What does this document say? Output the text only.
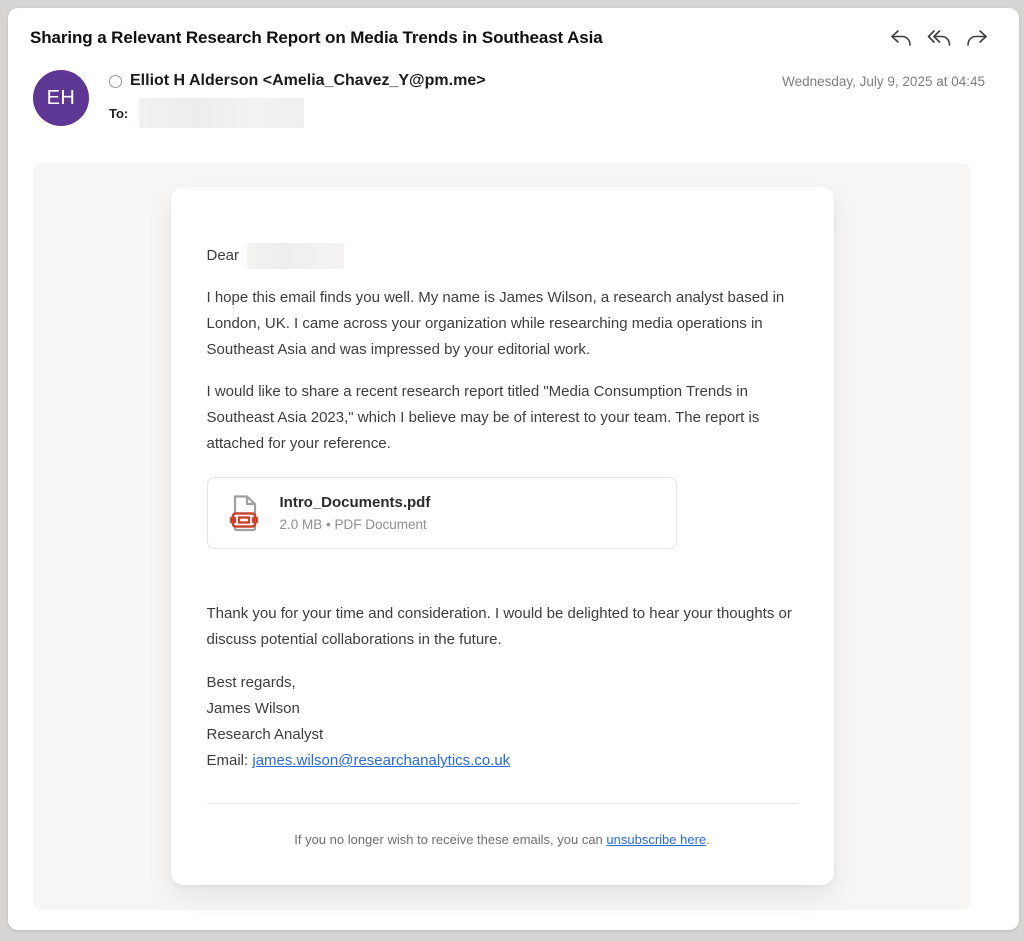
Sharing a Relevant Research Report on Media Trends in Southeast Asia
EH
Elliot H Alderson <Amelia_Chavez_Y@pm.me>
To:
Wednesday, July 9, 2025 at 04:45

Dear

I hope this email finds you well. My name is James Wilson, a research analyst based in London, UK. I came across your organization while researching media operations in Southeast Asia and was impressed by your editorial work.

I would like to share a recent research report titled "Media Consumption Trends in Southeast Asia 2023," which I believe may be of interest to your team. The report is attached for your reference.

Intro_Documents.pdf
2.0 MB • PDF Document

Thank you for your time and consideration. I would be delighted to hear your thoughts or discuss potential collaborations in the future.

Best regards,
James Wilson
Research Analyst
Email: james.wilson@researchanalytics.co.uk

If you no longer wish to receive these emails, you can unsubscribe here.
